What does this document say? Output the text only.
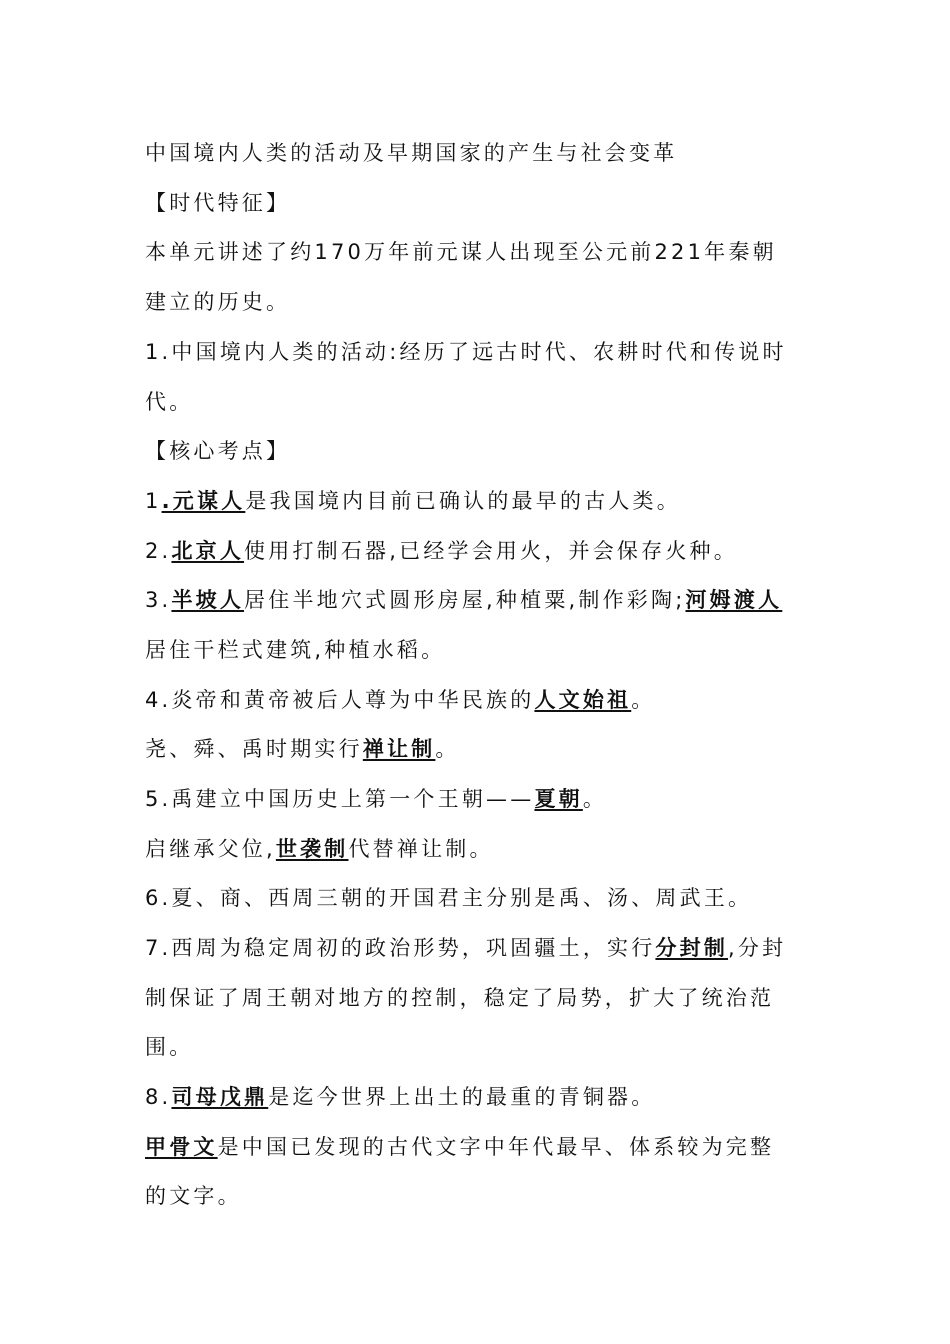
中国境内人类的活动及早期国家的产生与社会变革
【时代特征】
本单元讲述了约170万年前元谋人出现至公元前221年秦朝
建立的历史。
1.中国境内人类的活动:经历了远古时代、农耕时代和传说时
代。
【核心考点】
1.元谋人是我国境内目前已确认的最早的古人类。
2.北京人使用打制石器,已经学会用火，并会保存火种。
3.半坡人居住半地穴式圆形房屋,种植粟,制作彩陶;河姆渡人
居住干栏式建筑,种植水稻。
4.炎帝和黄帝被后人尊为中华民族的人文始祖。
尧、舜、禹时期实行禅让制。
5.禹建立中国历史上第一个王朝——夏朝。
启继承父位,世袭制代替禅让制。
6.夏、商、西周三朝的开国君主分别是禹、汤、周武王。
7.西周为稳定周初的政治形势，巩固疆土，实行分封制,分封
制保证了周王朝对地方的控制，稳定了局势，扩大了统治范
围。
8.司母戊鼎是迄今世界上出土的最重的青铜器。
甲骨文是中国已发现的古代文字中年代最早、体系较为完整
的文字。
